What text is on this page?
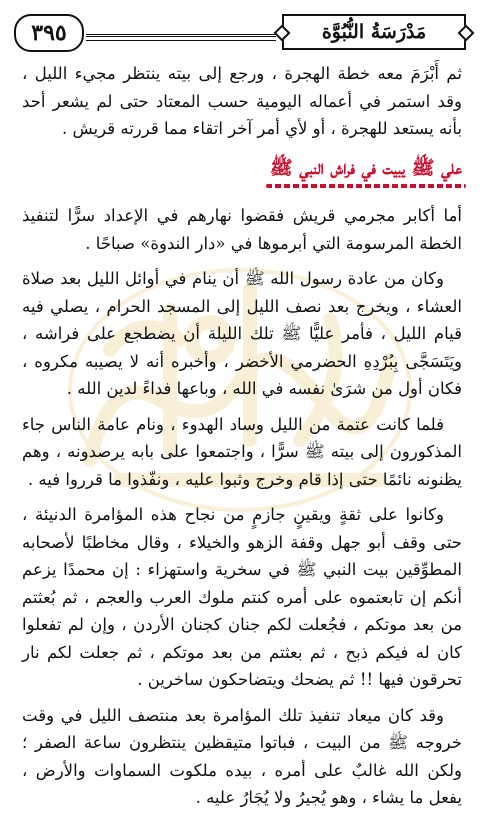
٣٩٥	مَدْرَسَةُ النُّبُوَّة

ثم أَبْرَمَ معه خطة الهجرة ، ورجع إلى بيته ينتظر مجيء الليل ، وقد استمر في أعماله اليومية حسب المعتاد حتى لم يشعر أحد بأنه يستعد للهجرة ، أو لأي أمر آخر اتقاء مما قررته قريش .

علي ﷺ يبيت في فراش النبي ﷺ

أما أكابر مجرمي قريش فقضوا نهارهم في الإعداد سرًّا لتنفيذ الخطة المرسومة التي أبرموها في «دار الندوة» صباحًا .

وكان من عادة رسول الله ﷺ أن ينام في أوائل الليل بعد صلاة العشاء ، ويخرج بعد نصف الليل إلى المسجد الحرام ، يصلي فيه قيام الليل ، فأمر عليًّا ﷺ تلك الليلة أن يضطجع على فراشه ، ويَتَسَجَّى بِبُرْدِهِ الحضرمي الأخضر ، وأخبره أنه لا يصيبه مكروه ، فكان أول من شرَىٰ نفسه في الله ، وباعها فداءً لدين الله .

فلما كانت عتمة من الليل وساد الهدوء ، ونام عامة الناس جاء المذكورون إلى بيته ﷺ سرًّا ، واجتمعوا على بابه يرصدونه ، وهم يظنونه نائمًا حتى إذا قام وخرج وثبوا عليه ، ونفّذوا ما قرروا فيه .

وكانوا على ثقةٍ ويقينٍ جازمٍ من نجاح هذه المؤامرة الدنيئة ، حتى وقف أبو جهل وقفة الزهو والخيلاء ، وقال مخاطبًا لأصحابه المطوِّقين بيت النبي ﷺ في سخرية واستهزاء : إن محمدًا يزعم أنكم إن تابعتموه على أمره كنتم ملوك العرب والعجم ، ثم بُعثتم من بعد موتكم ، فجُعلت لكم جنان كجنان الأردن ، وإن لم تفعلوا كان له فيكم ذبح ، ثم بعثتم من بعد موتكم ، ثم جعلت لكم نار تحرقون فيها !! ثم يضحك ويتضاحكون ساخرين .

وقد كان ميعاد تنفيذ تلك المؤامرة بعد منتصف الليل في وقت خروجه ﷺ من البيت ، فباتوا متيقظين ينتظرون ساعة الصفر ؛ ولكن الله غالبٌ على أمره ، بيده ملكوت السماوات والأرض ، يفعل ما يشاء ، وهو يُجيرُ ولا يُجَارُ عليه .
